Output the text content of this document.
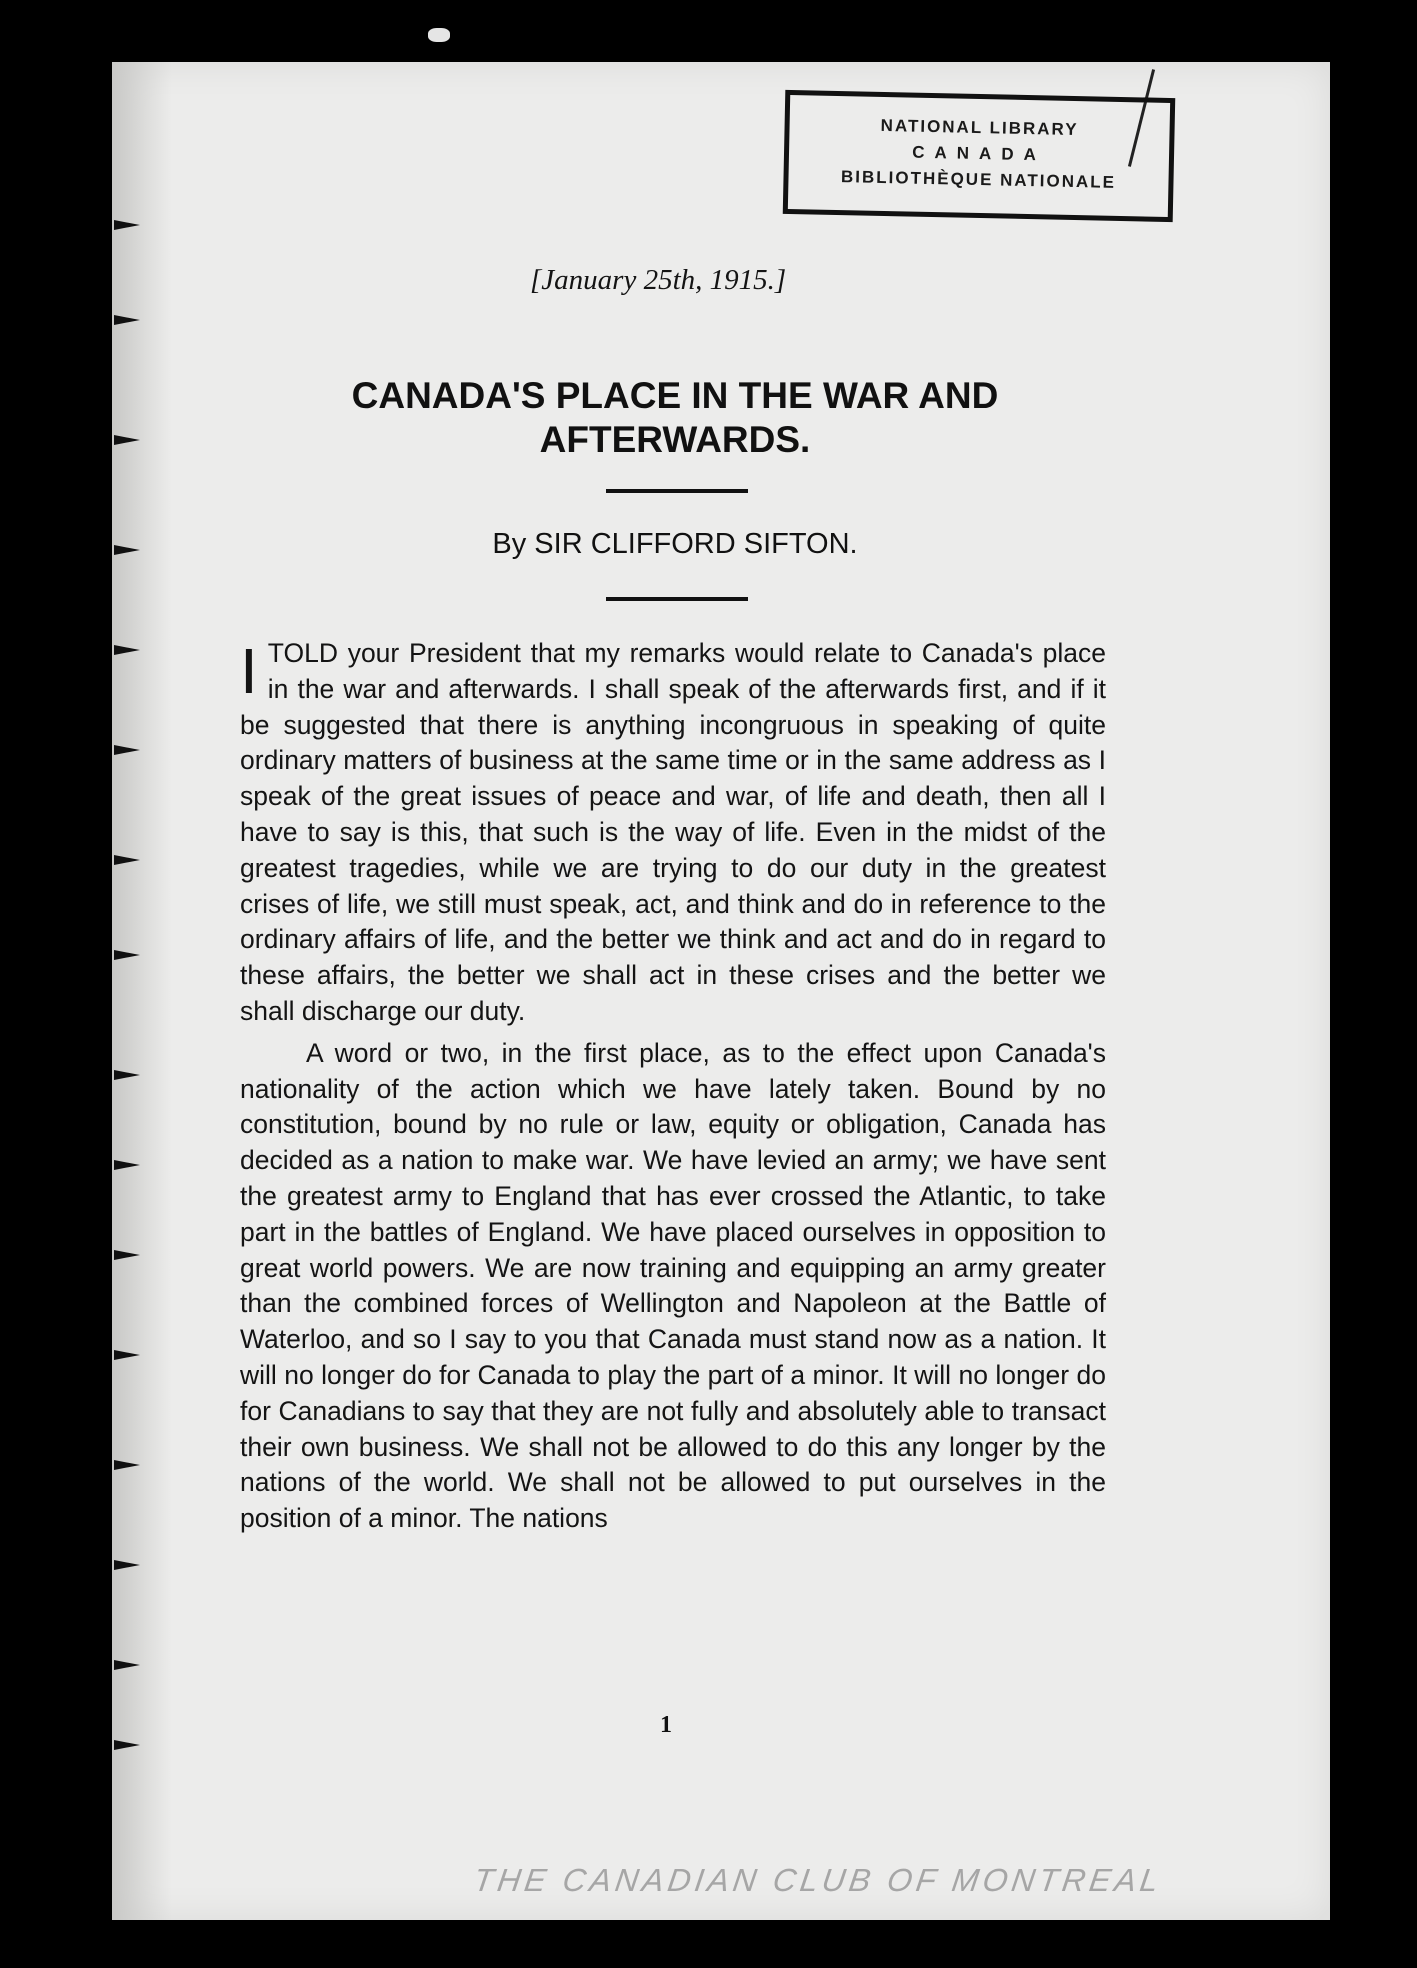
NATIONAL LIBRARY
CANADA
BIBLIOTHÈQUE NATIONALE
[January 25th, 1915.]
CANADA'S PLACE IN THE WAR AND AFTERWARDS.
By SIR CLIFFORD SIFTON.

ITOLD your President that my remarks would relate to Canada's place in the war and afterwards. I shall speak of the afterwards first, and if it be suggested that there is anything incongruous in speaking of quite ordinary matters of business at the same time or in the same address as I speak of the great issues of peace and war, of life and death, then all I have to say is this, that such is the way of life. Even in the midst of the greatest tragedies, while we are trying to do our duty in the greatest crises of life, we still must speak, act, and think and do in reference to the ordinary affairs of life, and the better we think and act and do in regard to these affairs, the better we shall act in these crises and the better we shall discharge our duty.

A word or two, in the first place, as to the effect upon Canada's nationality of the action which we have lately taken. Bound by no constitution, bound by no rule or law, equity or obligation, Canada has decided as a nation to make war. We have levied an army; we have sent the greatest army to England that has ever crossed the Atlantic, to take part in the battles of England. We have placed ourselves in opposition to great world powers. We are now training and equipping an army greater than the combined forces of Wellington and Napoleon at the Battle of Waterloo, and so I say to you that Canada must stand now as a nation. It will no longer do for Canada to play the part of a minor. It will no longer do for Canadians to say that they are not fully and absolutely able to transact their own business. We shall not be allowed to do this any longer by the nations of the world. We shall not be allowed to put ourselves in the position of a minor. The nations

1
THE CANADIAN CLUB OF MONTREAL
